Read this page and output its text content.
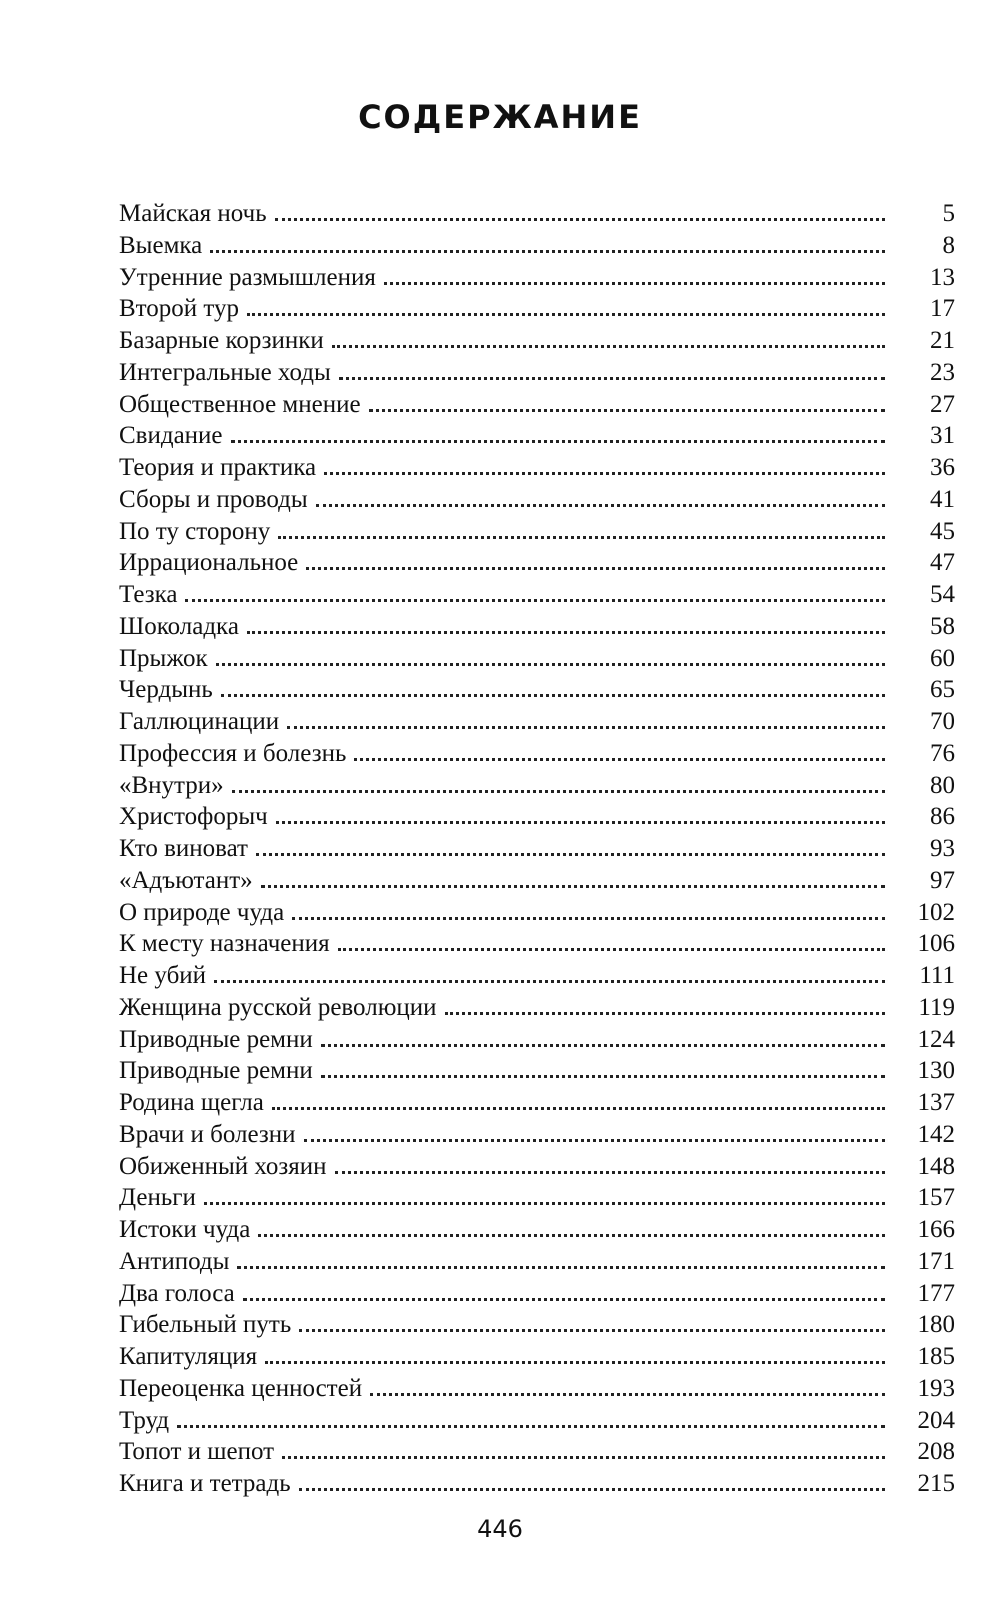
СОДЕРЖАНИЕ
Майская ночь	5
Выемка	8
Утренние размышления	13
Второй тур	17
Базарные корзинки	21
Интегральные ходы	23
Общественное мнение	27
Свидание	31
Теория и практика	36
Сборы и проводы	41
По ту сторону	45
Иррациональное	47
Тезка	54
Шоколадка	58
Прыжок	60
Чердынь	65
Галлюцинации	70
Профессия и болезнь	76
«Внутри»	80
Христофорыч	86
Кто виноват	93
«Адъютант»	97
О природе чуда	102
К месту назначения	106
Не убий	111
Женщина русской революции	119
Приводные ремни	124
Приводные ремни	130
Родина щегла	137
Врачи и болезни	142
Обиженный хозяин	148
Деньги	157
Истоки чуда	166
Антиподы	171
Два голоса	177
Гибельный путь	180
Капитуляция	185
Переоценка ценностей	193
Труд	204
Топот и шепот	208
Книга и тетрадь	215
446
